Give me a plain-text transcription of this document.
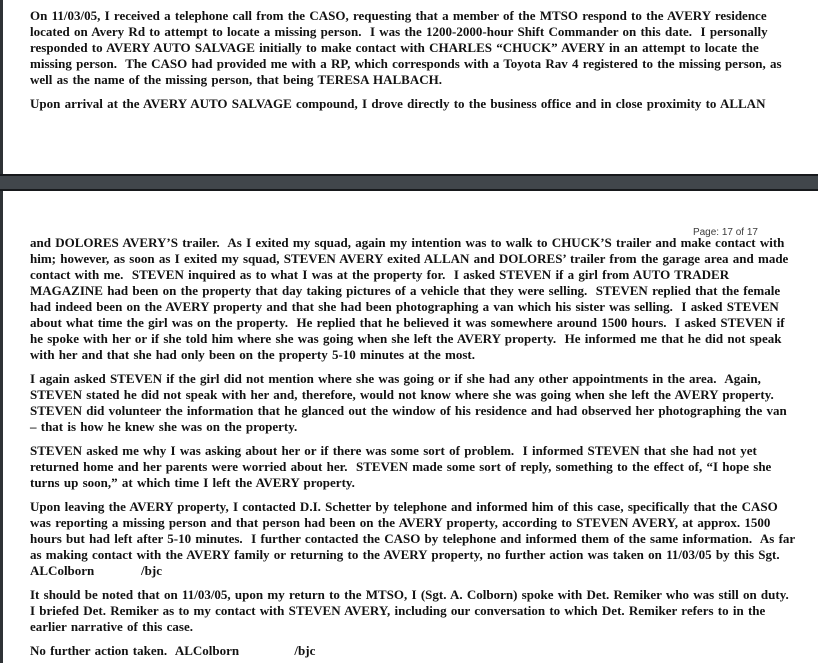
On 11/03/05, I received a telephone call from the CASO, requesting that a member of the MTSO respond to the AVERY residence
located on Avery Rd to attempt to locate a missing person.  I was the 1200-2000-hour Shift Commander on this date.  I personally
responded to AVERY AUTO SALVAGE initially to make contact with CHARLES “CHUCK” AVERY in an attempt to locate the
missing person.  The CASO had provided me with a RP, which corresponds with a Toyota Rav 4 registered to the missing person, as
well as the name of the missing person, that being TERESA HALBACH.
Upon arrival at the AVERY AUTO SALVAGE compound, I drove directly to the business office and in close proximity to ALLAN
Page: 17 of 17
and DOLORES AVERY’S trailer.  As I exited my squad, again my intention was to walk to CHUCK’S trailer and make contact with
him; however, as soon as I exited my squad, STEVEN AVERY exited ALLAN and DOLORES’ trailer from the garage area and made
contact with me.  STEVEN inquired as to what I was at the property for.  I asked STEVEN if a girl from AUTO TRADER
MAGAZINE had been on the property that day taking pictures of a vehicle that they were selling.  STEVEN replied that the female
had indeed been on the AVERY property and that she had been photographing a van which his sister was selling.  I asked STEVEN
about what time the girl was on the property.  He replied that he believed it was somewhere around 1500 hours.  I asked STEVEN if
he spoke with her or if she told him where she was going when she left the AVERY property.  He informed me that he did not speak
with her and that she had only been on the property 5-10 minutes at the most.
I again asked STEVEN if the girl did not mention where she was going or if she had any other appointments in the area.  Again,
STEVEN stated he did not speak with her and, therefore, would not know where she was going when she left the AVERY property.
STEVEN did volunteer the information that he glanced out the window of his residence and had observed her photographing the van
– that is how he knew she was on the property.
STEVEN asked me why I was asking about her or if there was some sort of problem.  I informed STEVEN that she had not yet
returned home and her parents were worried about her.  STEVEN made some sort of reply, something to the effect of, “I hope she
turns up soon,” at which time I left the AVERY property.
Upon leaving the AVERY property, I contacted D.I. Schetter by telephone and informed him of this case, specifically that the CASO
was reporting a missing person and that person had been on the AVERY property, according to STEVEN AVERY, at approx. 1500
hours but had left after 5-10 minutes.  I further contacted the CASO by telephone and informed them of the same information.  As far
as making contact with the AVERY family or returning to the AVERY property, no further action was taken on 11/03/05 by this Sgt.
ALColborn           /bjc
It should be noted that on 11/03/05, upon my return to the MTSO, I (Sgt. A. Colborn) spoke with Det. Remiker who was still on duty.
I briefed Det. Remiker as to my contact with STEVEN AVERY, including our conversation to which Det. Remiker refers to in the
earlier narrative of this case.
No further action taken.  ALColborn             /bjc
